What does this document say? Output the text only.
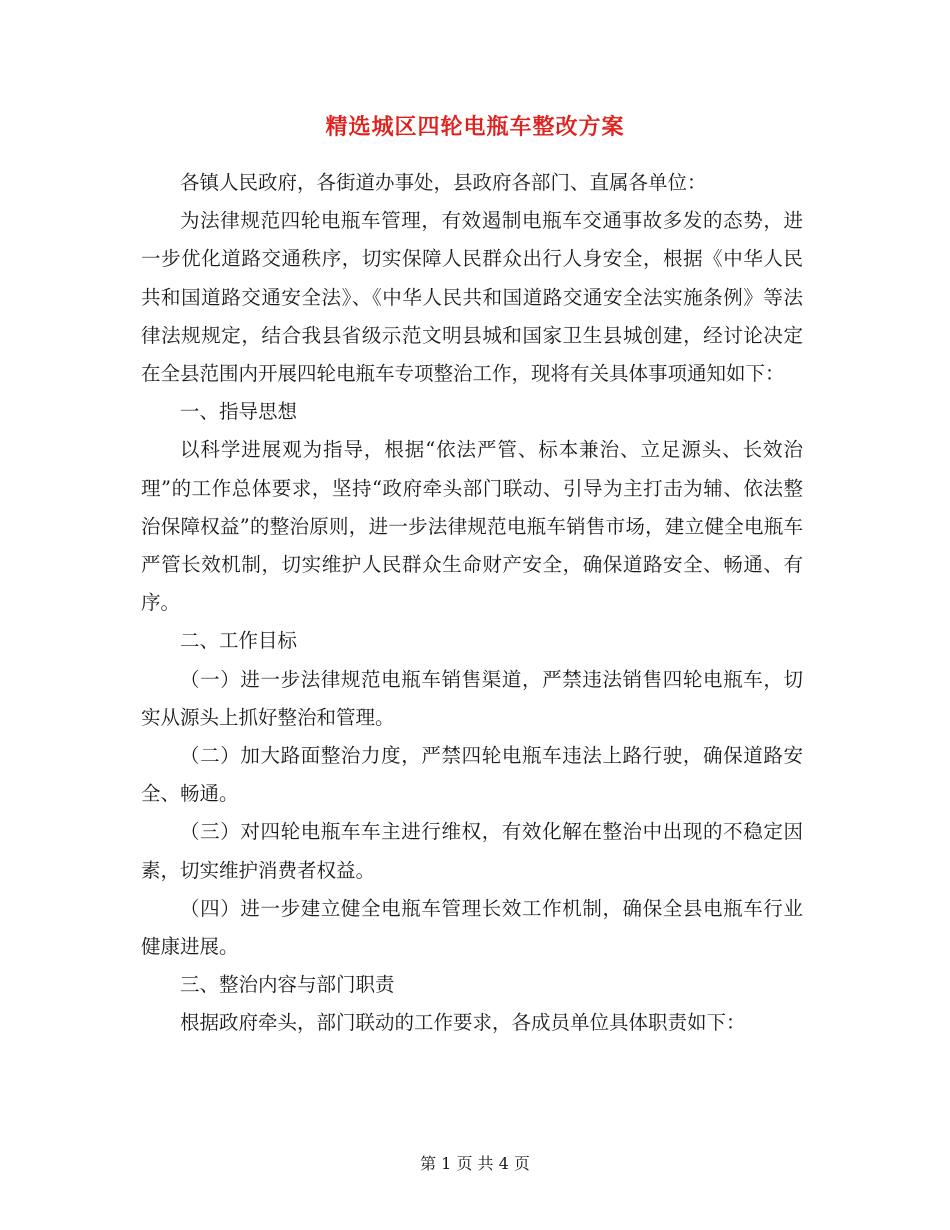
精选城区四轮电瓶车整改方案

各镇人民政府，各街道办事处，县政府各部门、直属各单位：

为法律规范四轮电瓶车管理，有效遏制电瓶车交通事故多发的态势，进一步优化道路交通秩序，切实保障人民群众出行人身安全，根据《中华人民共和国道路交通安全法》、《中华人民共和国道路交通安全法实施条例》等法律法规规定，结合我县省级示范文明县城和国家卫生县城创建，经讨论决定在全县范围内开展四轮电瓶车专项整治工作，现将有关具体事项通知如下：

一、指导思想

以科学进展观为指导，根据“依法严管、标本兼治、立足源头、长效治理”的工作总体要求，坚持“政府牵头部门联动、引导为主打击为辅、依法整治保障权益”的整治原则，进一步法律规范电瓶车销售市场，建立健全电瓶车严管长效机制，切实维护人民群众生命财产安全，确保道路安全、畅通、有序。

二、工作目标

（一）进一步法律规范电瓶车销售渠道，严禁违法销售四轮电瓶车，切实从源头上抓好整治和管理。

（二）加大路面整治力度，严禁四轮电瓶车违法上路行驶，确保道路安全、畅通。

（三）对四轮电瓶车车主进行维权，有效化解在整治中出现的不稳定因素，切实维护消费者权益。

（四）进一步建立健全电瓶车管理长效工作机制，确保全县电瓶车行业健康进展。

三、整治内容与部门职责

根据政府牵头，部门联动的工作要求，各成员单位具体职责如下：

第 1 页 共 4 页
